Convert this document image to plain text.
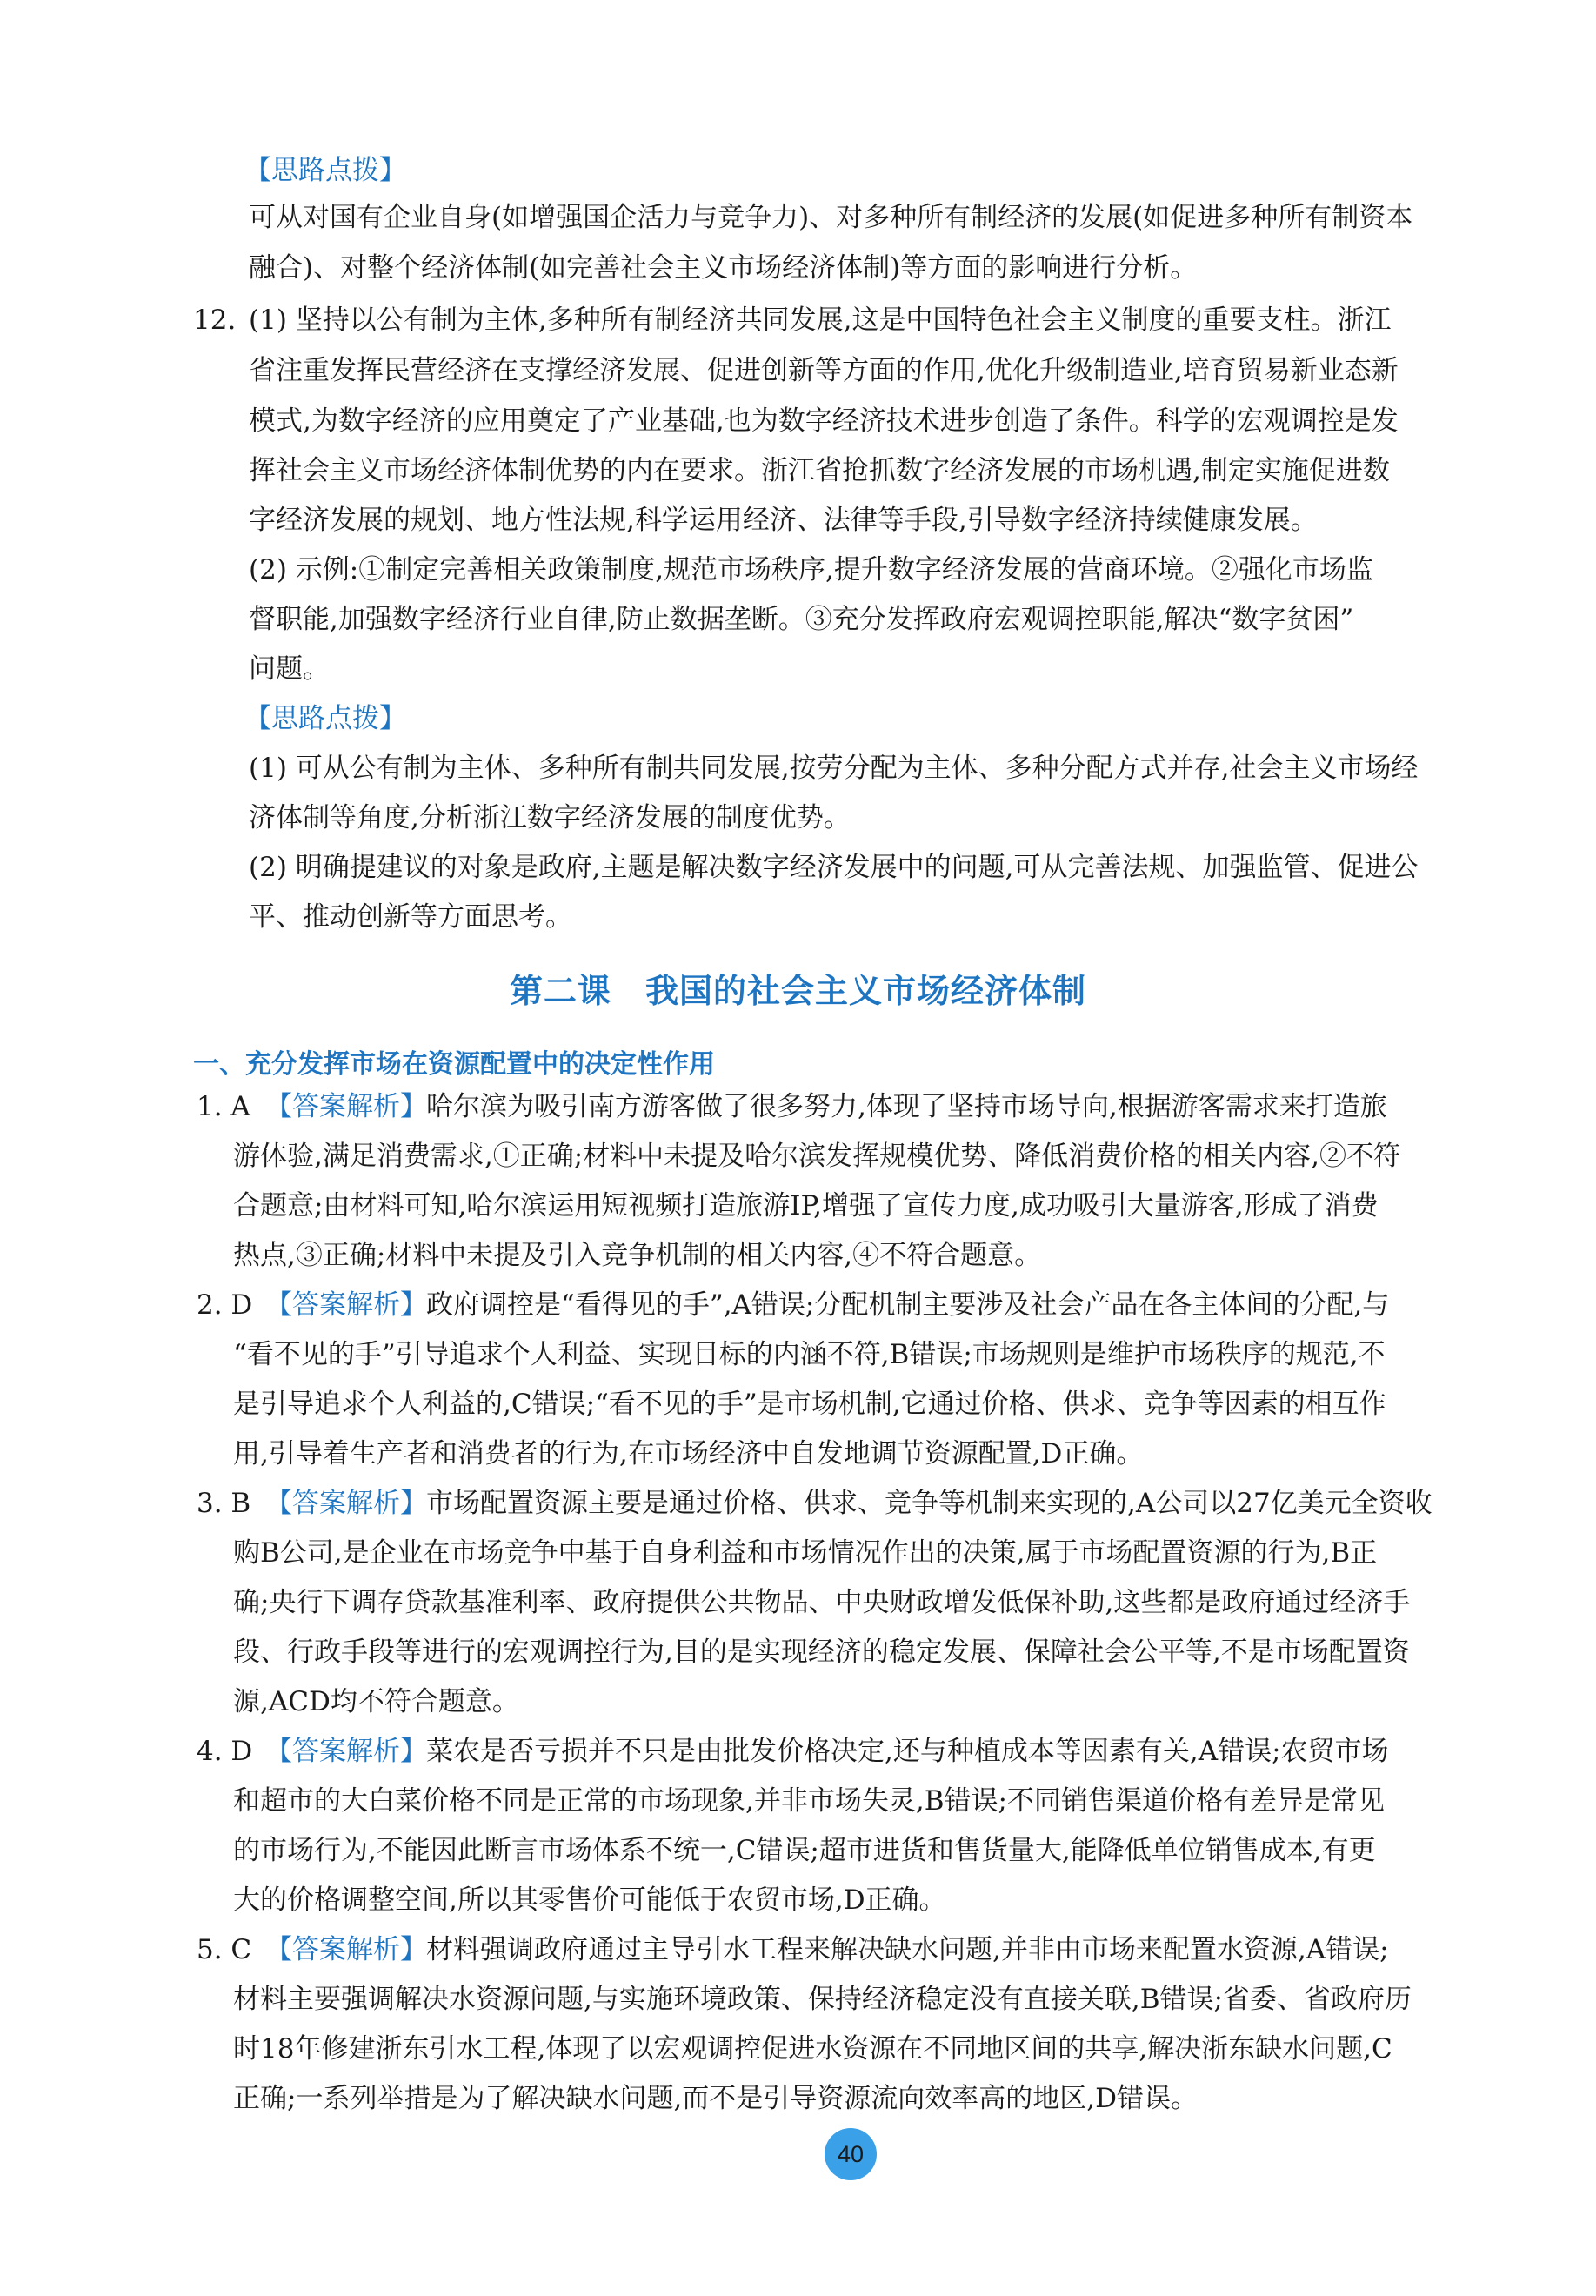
【思路点拨】
可从对国有企业自身(如增强国企活力与竞争力)、对多种所有制经济的发展(如促进多种所有制资本
融合)、对整个经济体制(如完善社会主义市场经济体制)等方面的影响进行分析。
12. (1) 坚持以公有制为主体,多种所有制经济共同发展,这是中国特色社会主义制度的重要支柱。浙江
省注重发挥民营经济在支撑经济发展、促进创新等方面的作用,优化升级制造业,培育贸易新业态新
模式,为数字经济的应用奠定了产业基础,也为数字经济技术进步创造了条件。科学的宏观调控是发
挥社会主义市场经济体制优势的内在要求。浙江省抢抓数字经济发展的市场机遇,制定实施促进数
字经济发展的规划、地方性法规,科学运用经济、法律等手段,引导数字经济持续健康发展。
(2) 示例:①制定完善相关政策制度,规范市场秩序,提升数字经济发展的营商环境。②强化市场监
督职能,加强数字经济行业自律,防止数据垄断。③充分发挥政府宏观调控职能,解决“数字贫困”
问题。
【思路点拨】
(1) 可从公有制为主体、多种所有制共同发展,按劳分配为主体、多种分配方式并存,社会主义市场经
济体制等角度,分析浙江数字经济发展的制度优势。
(2) 明确提建议的对象是政府,主题是解决数字经济发展中的问题,可从完善法规、加强监管、促进公
平、推动创新等方面思考。
第二课　我国的社会主义市场经济体制
一、充分发挥市场在资源配置中的决定性作用
1. A 【答案解析】 哈尔滨为吸引南方游客做了很多努力,体现了坚持市场导向,根据游客需求来打造旅
游体验,满足消费需求,①正确;材料中未提及哈尔滨发挥规模优势、降低消费价格的相关内容,②不符
合题意;由材料可知,哈尔滨运用短视频打造旅游IP,增强了宣传力度,成功吸引大量游客,形成了消费
热点,③正确;材料中未提及引入竞争机制的相关内容,④不符合题意。
2. D 【答案解析】 政府调控是“看得见的手”,A错误;分配机制主要涉及社会产品在各主体间的分配,与
“看不见的手”引导追求个人利益、实现目标的内涵不符,B错误;市场规则是维护市场秩序的规范,不
是引导追求个人利益的,C错误;“看不见的手”是市场机制,它通过价格、供求、竞争等因素的相互作
用,引导着生产者和消费者的行为,在市场经济中自发地调节资源配置,D正确。
3. B 【答案解析】 市场配置资源主要是通过价格、供求、竞争等机制来实现的,A公司以27亿美元全资收
购B公司,是企业在市场竞争中基于自身利益和市场情况作出的决策,属于市场配置资源的行为,B正
确;央行下调存贷款基准利率、政府提供公共物品、中央财政增发低保补助,这些都是政府通过经济手
段、行政手段等进行的宏观调控行为,目的是实现经济的稳定发展、保障社会公平等,不是市场配置资
源,ACD均不符合题意。
4. D 【答案解析】 菜农是否亏损并不只是由批发价格决定,还与种植成本等因素有关,A错误;农贸市场
和超市的大白菜价格不同是正常的市场现象,并非市场失灵,B错误;不同销售渠道价格有差异是常见
的市场行为,不能因此断言市场体系不统一,C错误;超市进货和售货量大,能降低单位销售成本,有更
大的价格调整空间,所以其零售价可能低于农贸市场,D正确。
5. C 【答案解析】 材料强调政府通过主导引水工程来解决缺水问题,并非由市场来配置水资源,A错误;
材料主要强调解决水资源问题,与实施环境政策、保持经济稳定没有直接关联,B错误;省委、省政府历
时18年修建浙东引水工程,体现了以宏观调控促进水资源在不同地区间的共享,解决浙东缺水问题,C
正确;一系列举措是为了解决缺水问题,而不是引导资源流向效率高的地区,D错误。
40
